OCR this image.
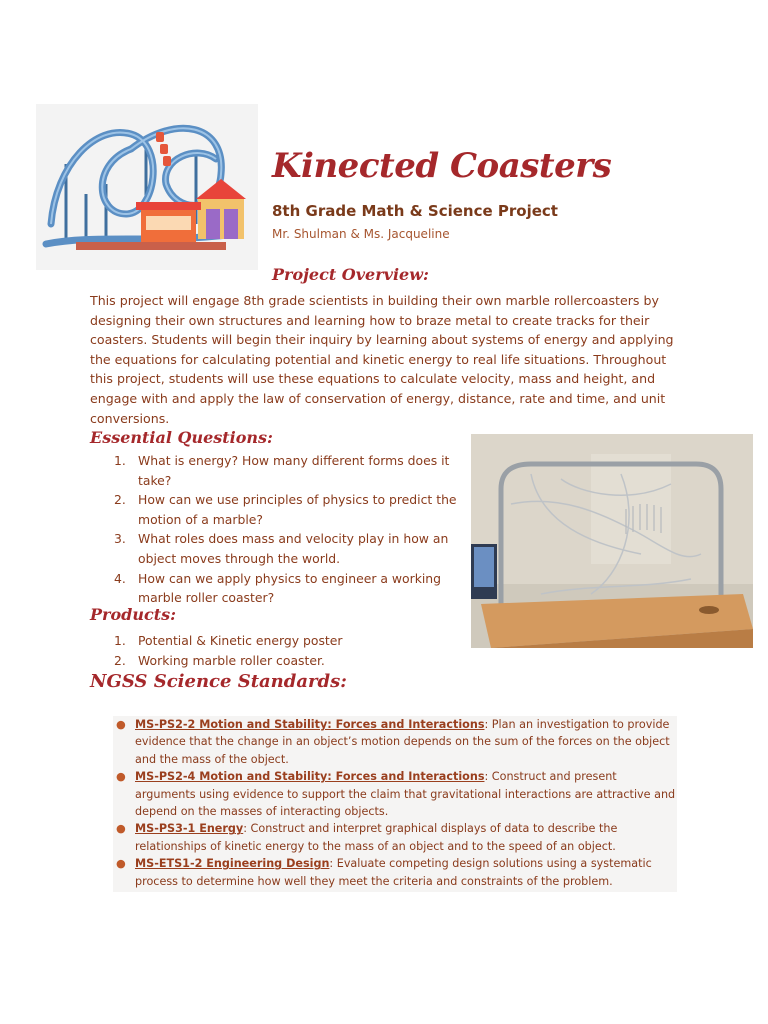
Kinected Coasters
8th Grade Math & Science Project
Mr. Shulman & Ms. Jacqueline
Project Overview:
This project will engage 8th grade scientists in building their own marble rollercoasters by designing their own structures and learning how to braze metal to create tracks for their coasters. Students will begin their inquiry by learning about systems of energy and applying the equations for calculating potential and kinetic energy to real life situations. Throughout this project, students will use these equations to calculate velocity, mass and height, and engage with and apply the law of conservation of energy, distance, rate and time, and unit conversions.
Essential Questions:
1. What is energy? How many different forms does it take?
2. How can we use principles of physics to predict the motion of a marble?
3. What roles does mass and velocity play in how an object moves through the world.
4. How can we apply physics to engineer a working marble roller coaster?
Products:
1. Potential & Kinetic energy poster
2. Working marble roller coaster.
NGSS Science Standards:
● MS-PS2-2 Motion and Stability: Forces and Interactions: Plan an investigation to provide evidence that the change in an object’s motion depends on the sum of the forces on the object and the mass of the object.
● MS-PS2-4 Motion and Stability: Forces and Interactions: Construct and present arguments using evidence to support the claim that gravitational interactions are attractive and depend on the masses of interacting objects.
● MS-PS3-1 Energy: Construct and interpret graphical displays of data to describe the relationships of kinetic energy to the mass of an object and to the speed of an object.
● MS-ETS1-2 Engineering Design: Evaluate competing design solutions using a systematic process to determine how well they meet the criteria and constraints of the problem.
